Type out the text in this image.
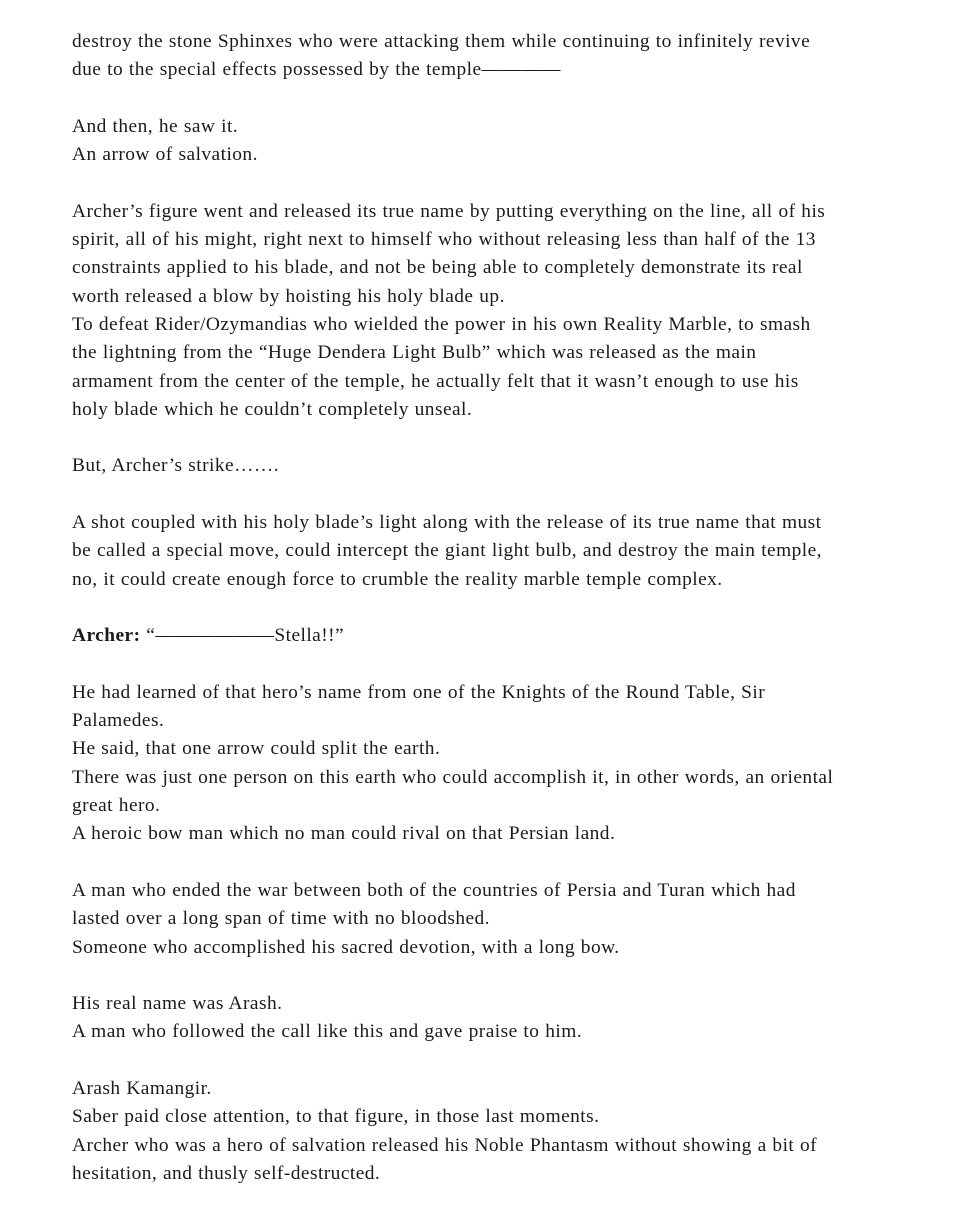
destroy the stone Sphinxes who were attacking them while continuing to infinitely revive
due to the special effects possessed by the temple————
And then, he saw it.
An arrow of salvation.
Archer’s figure went and released its true name by putting everything on the line, all of his
spirit, all of his might, right next to himself who without releasing less than half of the 13
constraints applied to his blade, and not be being able to completely demonstrate its real
worth released a blow by hoisting his holy blade up.
To defeat Rider/Ozymandias who wielded the power in his own Reality Marble, to smash
the lightning from the “Huge Dendera Light Bulb” which was released as the main
armament from the center of the temple, he actually felt that it wasn’t enough to use his
holy blade which he couldn’t completely unseal.
But, Archer’s strike…….
A shot coupled with his holy blade’s light along with the release of its true name that must
be called a special move, could intercept the giant light bulb, and destroy the main temple,
no, it could create enough force to crumble the reality marble temple complex.
Archer: “——————Stella!!”
He had learned of that hero’s name from one of the Knights of the Round Table, Sir
Palamedes.
He said, that one arrow could split the earth.
There was just one person on this earth who could accomplish it, in other words, an oriental
great hero.
A heroic bow man which no man could rival on that Persian land.
A man who ended the war between both of the countries of Persia and Turan which had
lasted over a long span of time with no bloodshed.
Someone who accomplished his sacred devotion, with a long bow.
His real name was Arash.
A man who followed the call like this and gave praise to him.
Arash Kamangir.
Saber paid close attention, to that figure, in those last moments.
Archer who was a hero of salvation released his Noble Phantasm without showing a bit of
hesitation, and thusly self-destructed.
